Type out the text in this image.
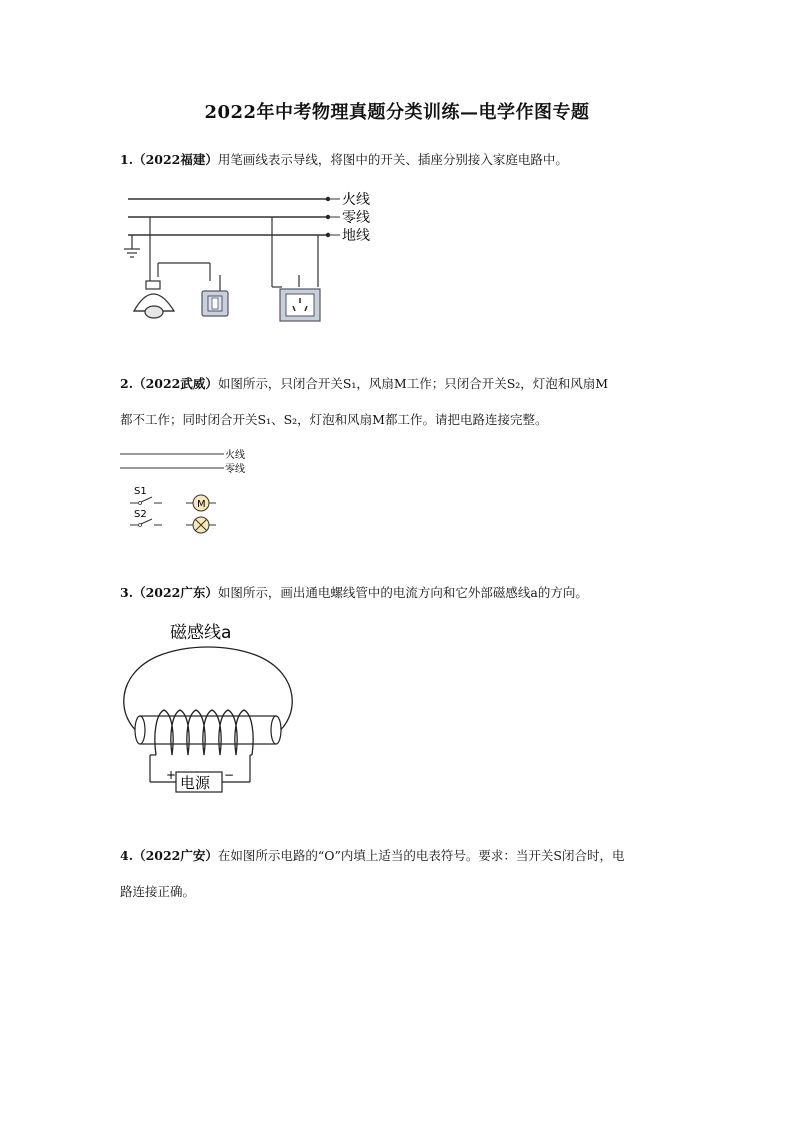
2022年中考物理真题分类训练—电学作图专题
1.（2022福建）用笔画线表示导线，将图中的开关、插座分别接入家庭电路中。
火线
零线
地线
2.（2022武威）如图所示，只闭合开关S₁，风扇M工作；只闭合开关S₂，灯泡和风扇M
都不工作；同时闭合开关S₁、S₂，灯泡和风扇M都工作。请把电路连接完整。
火线
零线
S1
S2
M
3.（2022广东）如图所示，画出通电螺线管中的电流方向和它外部磁感线a的方向。
磁感线a
电源
+	−
4.（2022广安）在如图所示电路的“O”内填上适当的电表符号。要求：当开关S闭合时，电
路连接正确。
